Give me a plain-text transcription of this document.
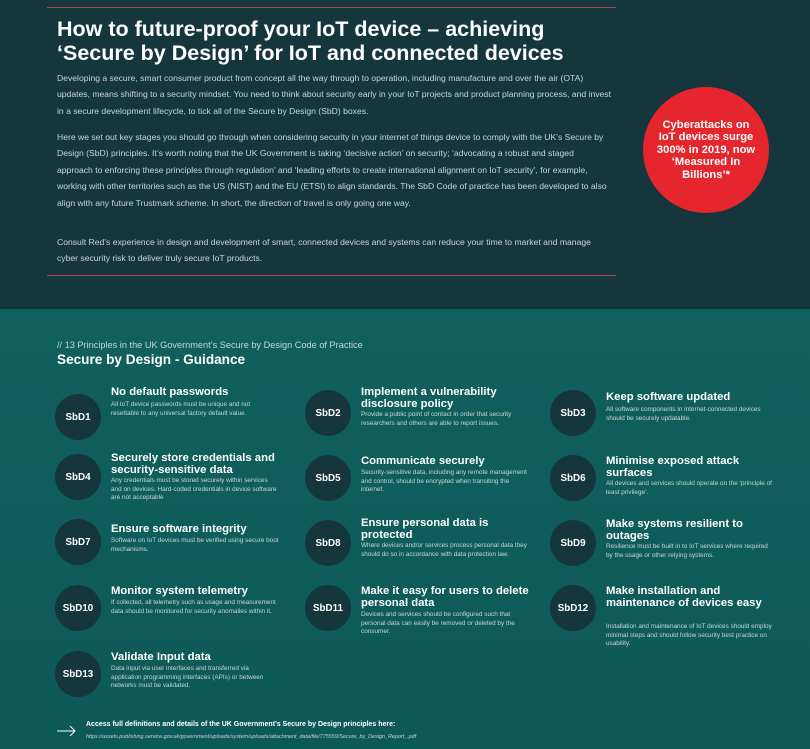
How to future-proof your IoT device – achieving ‘Secure by Design’ for IoT and connected devices

Developing a secure, smart consumer product from concept all the way through to operation, including manufacture and over the air (OTA) updates, means shifting to a security mindset. You need to think about security early in your IoT projects and product planning process, and invest in a secure development lifecycle, to tick all of the Secure by Design (SbD) boxes.

Here we set out key stages you should go through when considering security in your internet of things device to comply with the UK’s Secure by Design (SbD) principles. It’s worth noting that the UK Government is taking ‘decisive action’ on security; ‘advocating a robust and staged approach to enforcing these principles through regulation’ and ‘leading efforts to create international alignment on IoT security’, for example, working with other territories such as the US (NIST) and the EU (ETSI) to align standards. The SbD Code of practice has been developed to also align with any future Trustmark scheme. In short, the direction of travel is only going one way.

Consult Red’s experience in design and development of smart, connected devices and systems can reduce your time to market and manage cyber security risk to deliver truly secure IoT products.

Cyberattacks on IoT devices surge 300% in 2019, now ‘Measured In Billions’*

// 13 Principles in the UK Government’s Secure by Design Code of Practice

Secure by Design - Guidance
SbD1

No default passwords

All IoT device passwords must be unique and not resettable to any universal factory default value.	SbD2

Implement a vulnerability disclosure policy

Provide a public point of contact in order that security researchers and others are able to report issues.

SbD3

Keep software updated

All software components in internet-connected devices should be securely updatable.

SbD4

Securely store credentials and security-sensitive data

Any credentials must be stored securely within services and on devices. Hard-coded credentials in device software are not acceptable

SbD5

Communicate securely

Security-sensitive data, including any remote management and control, should be encrypted when transiting the internet.

SbD6

Minimise exposed attack surfaces

All devices and services should operate on the ‘principle of least privilege’.

SbD7

Ensure software integrity

Software on IoT devices must be verified using secure boot mechanisms.

SbD8

Ensure personal data is protected

Where devices and/or services process personal data they should do so in accordance with data protection law.

SbD9

Make systems resilient to outages

Resilience must be built in to IoT services where required by the usage or other relying systems.

SbD10

Monitor system telemetry

If collected, all telemetry such as usage and measurement data should be monitored for security anomalies within it.	SbD11

Make it easy for users to delete personal data

Devices and services should be configured such that personal data can easily be removed or deleted by the consumer.

SbD12

Make installation and maintenance of devices easy

Installation and maintenance of IoT devices should employ minimal steps and should follow security best practice on usability.

SbD13

Validate Input data

Data input via user interfaces and transferred via application programming interfaces (APIs) or between networks must be validated.

Access full definitions and details of the UK Government’s Secure by Design principles here:

https://assets.publishing.service.gov.uk/government/uploads/system/uploads/attachment_data/file/775559/Secure_by_Design_Report_.pdf
